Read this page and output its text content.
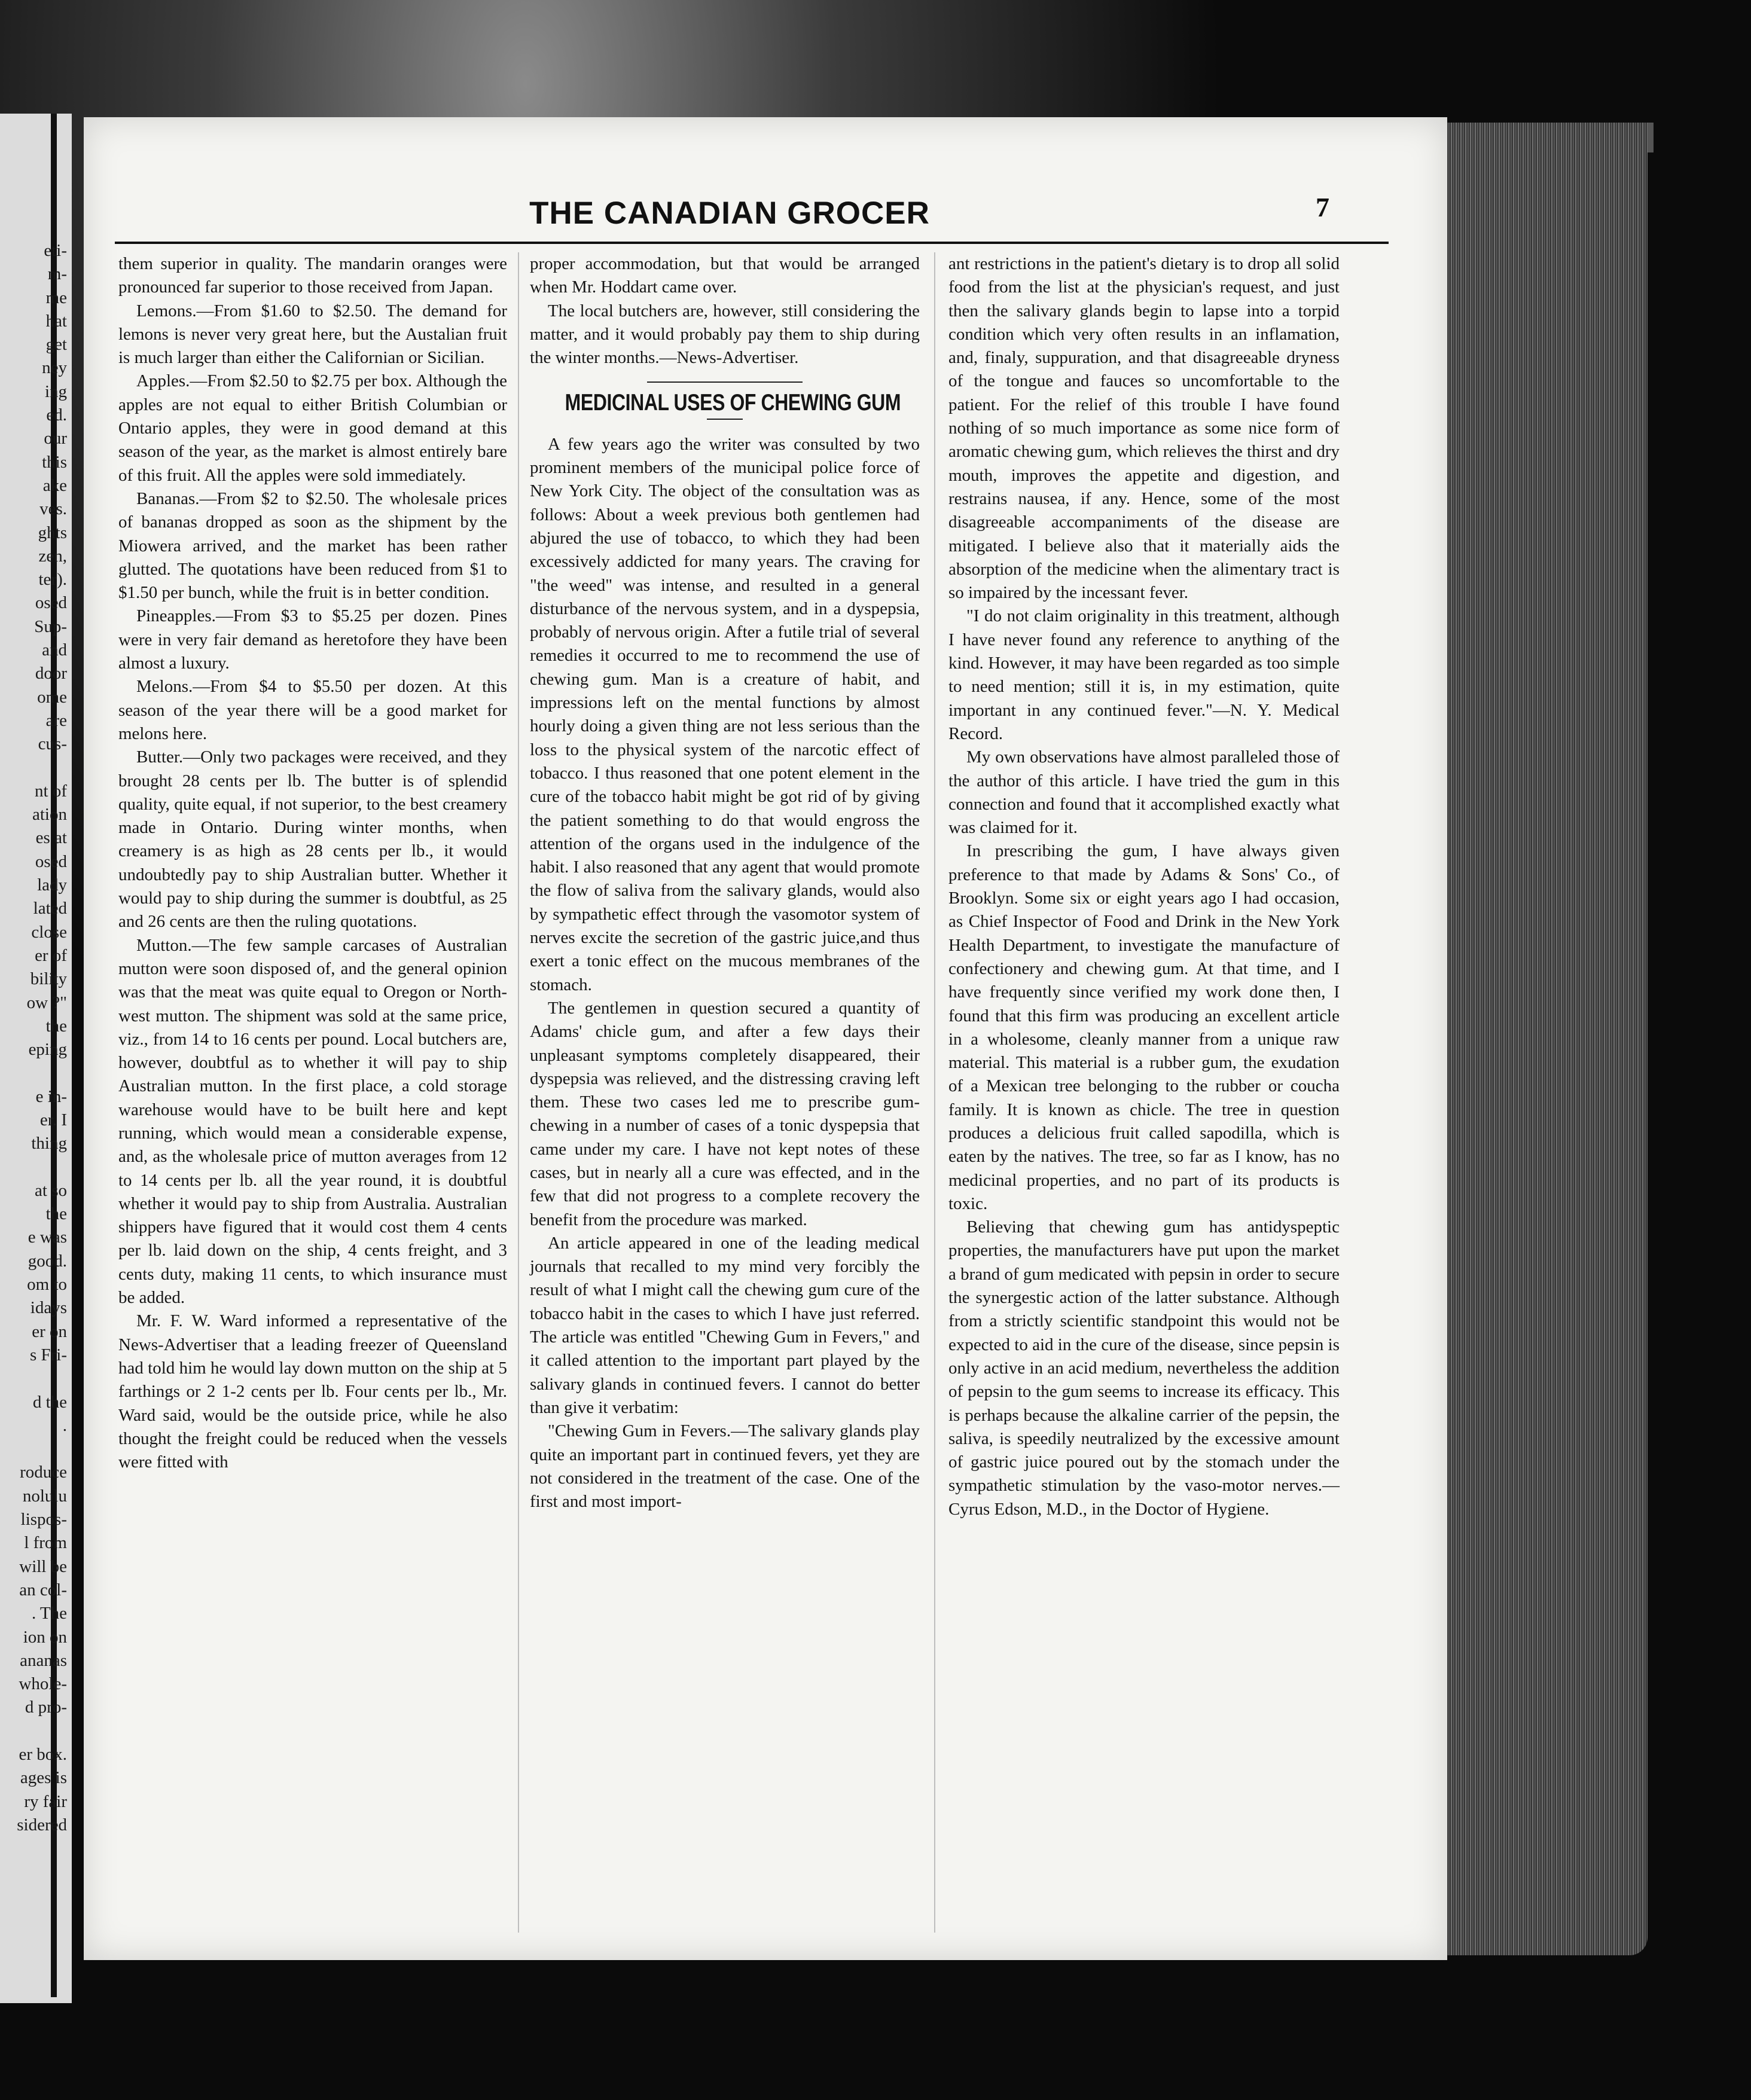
eti-
m-
me
hat
get
ney
ing
ed.
our
this
ake
ves.
ghts
zen,
ter).
osed
Sup-
and
door
ome
are
cus-
nt of
ation
es at
osed
lady
lated
close
er of
bility
ow ?"
the
eping
e in-
er. I
thing
at so
the
e was
good.
om to
idays
er on
s Fri-
d the
.
roduce
nolulu
lispos-
l from
will be
an col-
. The
ion on
ananas
whole-
d pro-
er box.
ages is
ry fair
sidered
THE CANADIAN GROCER	7

them superior in quality. The mandarin oranges were pronounced far superior to those received from Japan.

Lemons.—From $1.60 to $2.50. The demand for lemons is never very great here, but the Austalian fruit is much larger than either the Californian or Sicilian.

Apples.—From $2.50 to $2.75 per box. Although the apples are not equal to either British Columbian or Ontario apples, they were in good demand at this season of the year, as the market is almost entirely bare of this fruit. All the apples were sold immediately.

Bananas.—From $2 to $2.50. The wholesale prices of bananas dropped as soon as the shipment by the Miowera arrived, and the market has been rather glutted. The quotations have been reduced from $1 to $1.50 per bunch, while the fruit is in better condition.

Pineapples.—From $3 to $5.25 per dozen. Pines were in very fair demand as heretofore they have been almost a luxury.

Melons.—From $4 to $5.50 per dozen. At this season of the year there will be a good market for melons here.

Butter.—Only two packages were received, and they brought 28 cents per lb. The butter is of splendid quality, quite equal, if not superior, to the best creamery made in Ontario. During winter months, when creamery is as high as 28 cents per lb., it would undoubtedly pay to ship Australian butter. Whether it would pay to ship during the summer is doubtful, as 25 and 26 cents are then the ruling quotations.

Mutton.—The few sample carcases of Australian mutton were soon disposed of, and the general opinion was that the meat was quite equal to Oregon or North-west mutton. The shipment was sold at the same price, viz., from 14 to 16 cents per pound. Local butchers are, however, doubtful as to whether it will pay to ship Australian mutton. In the first place, a cold storage warehouse would have to be built here and kept running, which would mean a considerable expense, and, as the wholesale price of mutton averages from 12 to 14 cents per lb. all the year round, it is doubtful whether it would pay to ship from Australia. Australian shippers have figured that it would cost them 4 cents per lb. laid down on the ship, 4 cents freight, and 3 cents duty, making 11 cents, to which insurance must be added.

Mr. F. W. Ward informed a representative of the News-Advertiser that a leading freezer of Queensland had told him he would lay down mutton on the ship at 5 farthings or 2 1-2 cents per lb. Four cents per lb., Mr. Ward said, would be the outside price, while he also thought the freight could be reduced when the vessels were fitted with

proper accommodation, but that would be arranged when Mr. Hoddart came over.

The local butchers are, however, still considering the matter, and it would probably pay them to ship during the winter months.—News-Advertiser.

MEDICINAL USES OF CHEWING GUM

A few years ago the writer was consulted by two prominent members of the municipal police force of New York City. The object of the consultation was as follows: About a week previous both gentlemen had abjured the use of tobacco, to which they had been excessively addicted for many years. The craving for "the weed" was intense, and resulted in a general disturbance of the nervous system, and in a dyspepsia, probably of nervous origin. After a futile trial of several remedies it occurred to me to recommend the use of chewing gum. Man is a creature of habit, and impressions left on the mental functions by almost hourly doing a given thing are not less serious than the loss to the physical system of the narcotic effect of tobacco. I thus reasoned that one potent element in the cure of the tobacco habit might be got rid of by giving the patient something to do that would engross the attention of the organs used in the indulgence of the habit. I also reasoned that any agent that would promote the flow of saliva from the salivary glands, would also by sympathetic effect through the vasomotor system of nerves excite the secretion of the gastric juice,and thus exert a tonic effect on the mucous membranes of the stomach.

The gentlemen in question secured a quantity of Adams' chicle gum, and after a few days their unpleasant symptoms completely disappeared, their dyspepsia was relieved, and the distressing craving left them. These two cases led me to prescribe gum-chewing in a number of cases of a tonic dyspepsia that came under my care. I have not kept notes of these cases, but in nearly all a cure was effected, and in the few that did not progress to a complete recovery the benefit from the procedure was marked.

An article appeared in one of the leading medical journals that recalled to my mind very forcibly the result of what I might call the chewing gum cure of the tobacco habit in the cases to which I have just referred. The article was entitled "Chewing Gum in Fevers," and it called attention to the important part played by the salivary glands in continued fevers. I cannot do better than give it verbatim:

"Chewing Gum in Fevers.—The salivary glands play quite an important part in continued fevers, yet they are not considered in the treatment of the case. One of the first and most import-

ant restrictions in the patient's dietary is to drop all solid food from the list at the physician's request, and just then the salivary glands begin to lapse into a torpid condition which very often results in an inflamation, and, finaly, suppuration, and that disagreeable dryness of the tongue and fauces so uncomfortable to the patient. For the relief of this trouble I have found nothing of so much importance as some nice form of aromatic chewing gum, which relieves the thirst and dry mouth, improves the appetite and digestion, and restrains nausea, if any. Hence, some of the most disagreeable accompaniments of the disease are mitigated. I believe also that it materially aids the absorption of the medicine when the alimentary tract is so impaired by the incessant fever.

"I do not claim originality in this treatment, although I have never found any reference to anything of the kind. However, it may have been regarded as too simple to need mention; still it is, in my estimation, quite important in any continued fever."—N. Y. Medical Record.

My own observations have almost paralleled those of the author of this article. I have tried the gum in this connection and found that it accomplished exactly what was claimed for it.

In prescribing the gum, I have always given preference to that made by Adams & Sons' Co., of Brooklyn. Some six or eight years ago I had occasion, as Chief Inspector of Food and Drink in the New York Health Department, to investigate the manufacture of confectionery and chewing gum. At that time, and I have frequently since verified my work done then, I found that this firm was producing an excellent article in a wholesome, cleanly manner from a unique raw material. This material is a rubber gum, the exudation of a Mexican tree belonging to the rubber or coucha family. It is known as chicle. The tree in question produces a delicious fruit called sapodilla, which is eaten by the natives. The tree, so far as I know, has no medicinal properties, and no part of its products is toxic.

Believing that chewing gum has antidyspeptic properties, the manufacturers have put upon the market a brand of gum medicated with pepsin in order to secure the synergestic action of the latter substance. Although from a strictly scientific standpoint this would not be expected to aid in the cure of the disease, since pepsin is only active in an acid medium, nevertheless the addition of pepsin to the gum seems to increase its efficacy. This is perhaps because the alkaline carrier of the pepsin, the saliva, is speedily neutralized by the excessive amount of gastric juice poured out by the stomach under the sympathetic stimulation by the vaso-motor nerves.—Cyrus Edson, M.D., in the Doctor of Hygiene.
